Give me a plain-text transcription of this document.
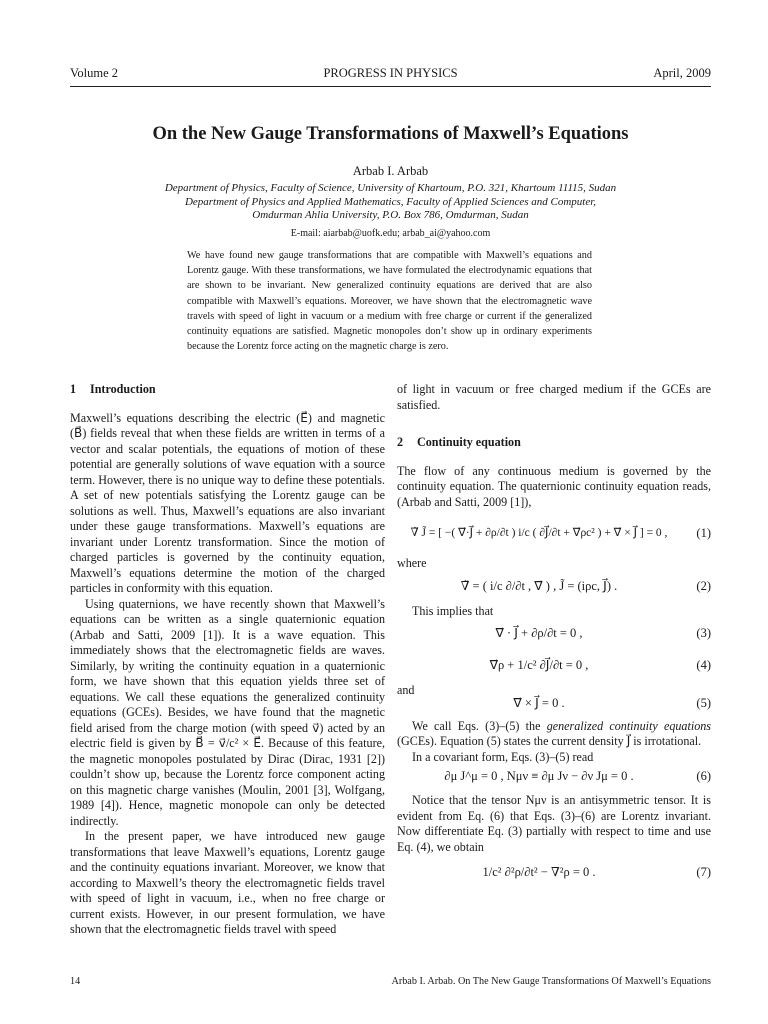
Volume 2	PROGRESS IN PHYSICS	April, 2009
On the New Gauge Transformations of Maxwell’s Equations
Arbab I. Arbab
Department of Physics, Faculty of Science, University of Khartoum, P.O. 321, Khartoum 11115, Sudan
Department of Physics and Applied Mathematics, Faculty of Applied Sciences and Computer,
Omdurman Ahlia University, P.O. Box 786, Omdurman, Sudan
E-mail: aiarbab@uofk.edu; arbab_ai@yahoo.com
We have found new gauge transformations that are compatible with Maxwell’s equations and Lorentz gauge. With these transformations, we have formulated the electrodynamic equations that are shown to be invariant. New generalized continuity equations are derived that are also compatible with Maxwell’s equations. Moreover, we have shown that the electromagnetic wave travels with speed of light in vacuum or a medium with free charge or current if the generalized continuity equations are satisfied. Magnetic monopoles don’t show up in ordinary experiments because the Lorentz force acting on the magnetic charge is zero.
1 Introduction

Maxwell’s equations describing the electric (E⃗) and magnetic (B⃗) fields reveal that when these fields are written in terms of a vector and scalar potentials, the equations of motion of these potential are generally solutions of wave equation with a source term. However, there is no unique way to define these potentials. A set of new potentials satisfying the Lorentz gauge can be solutions as well. Thus, Maxwell’s equations are also invariant under these gauge transformations. Maxwell’s equations are invariant under Lorentz transformation. Since the motion of charged particles is governed by the continuity equation, Maxwell’s equations determine the motion of the charged particles in conformity with this equation.

Using quaternions, we have recently shown that Maxwell’s equations can be written as a single quaternionic equation (Arbab and Satti, 2009 [1]). It is a wave equation. This immediately shows that the electromagnetic fields are waves. Similarly, by writing the continuity equation in a quaternionic form, we have shown that this equation yields three set of equations. We call these equations the generalized continuity equations (GCEs). Besides, we have found that the magnetic field arised from the charge motion (with speed v⃗) acted by an electric field is given by B⃗ = v⃗/c² × E⃗. Because of this feature, the magnetic monopoles postulated by Dirac (Dirac, 1931 [2]) couldn’t show up, because the Lorentz force component acting on this magnetic charge vanishes (Moulin, 2001 [3], Wolfgang, 1989 [4]). Hence, magnetic monopole can only be detected indirectly.

In the present paper, we have introduced new gauge transformations that leave Maxwell’s equations, Lorentz gauge and the continuity equations invariant. Moreover, we know that according to Maxwell’s theory the electromagnetic fields travel with speed of light in vacuum, i.e., when no free charge or current exists. However, in our present formulation, we have shown that the electromagnetic fields travel with speed

of light in vacuum or free charged medium if the GCEs are satisfied.

2 Continuity equation

The flow of any continuous medium is governed by the continuity equation. The quaternionic continuity equation reads, (Arbab and Satti, 2009 [1]),

∇̃ J̃ = [ −( ∇⃗·J⃗ + ∂ρ/∂t ) i/c ( ∂J⃗/∂t + ∇⃗ρc² ) + ∇⃗ × J⃗ ] = 0 ,	(1)

where

∇̃ = ( i/c ∂/∂t , ∇⃗ ) , J̃ = (iρc, J⃗) .	(2)

This implies that

∇⃗ · J⃗ + ∂ρ/∂t = 0 ,	(3)
∇⃗ρ + 1/c² ∂J⃗/∂t = 0 ,	(4)

and

∇⃗ × J⃗ = 0 .	(5)

We call Eqs. (3)–(5) the generalized continuity equations (GCEs). Equation (5) states the current density J⃗ is irrotational.

In a covariant form, Eqs. (3)–(5) read

∂μ J^μ = 0 , Nμν ≡ ∂μ Jν − ∂ν Jμ = 0 .	(6)

Notice that the tensor Nμν is an antisymmetric tensor. It is evident from Eq. (6) that Eqs. (3)–(6) are Lorentz invariant. Now differentiate Eq. (3) partially with respect to time and use Eq. (4), we obtain

1/c² ∂²ρ/∂t² − ∇²ρ = 0 .	(7)
14	Arbab I. Arbab. On The New Gauge Transformations Of Maxwell’s Equations
